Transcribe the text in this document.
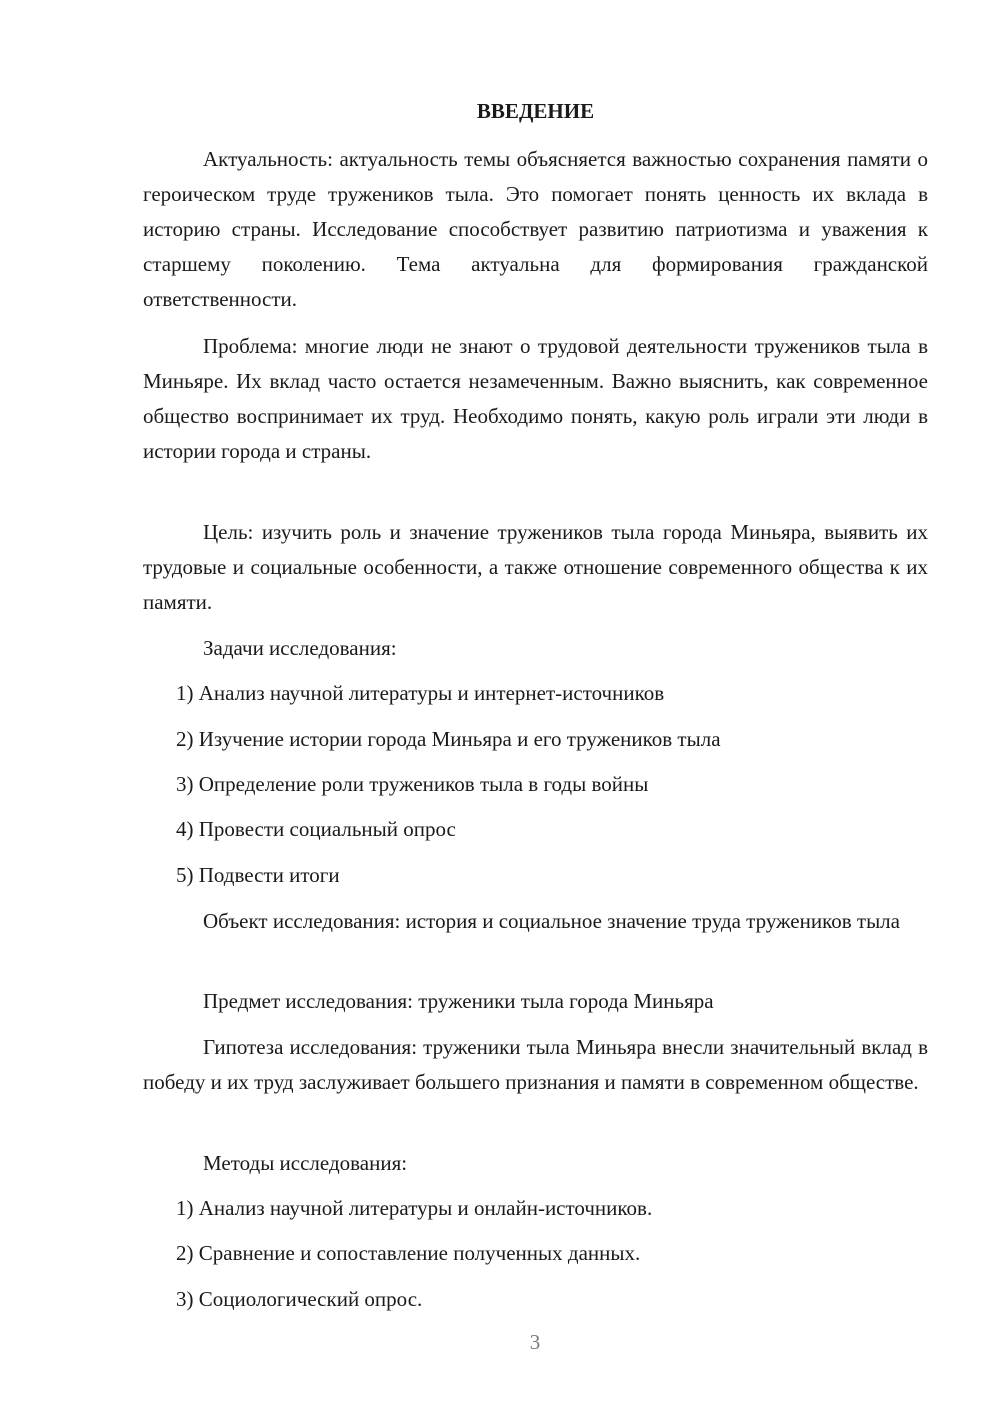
ВВЕДЕНИЕ

Актуальность: актуальность темы объясняется важностью сохранения памяти о героическом труде тружеников тыла. Это помогает понять ценность их вклада в историю страны. Исследование способствует развитию патриотизма и уважения к старшему поколению. Тема актуальна для формирования гражданской ответственности.

Проблема: многие люди не знают о трудовой деятельности тружеников тыла в Миньяре. Их вклад часто остается незамеченным. Важно выяснить, как современное общество воспринимает их труд. Необходимо понять, какую роль играли эти люди в истории города и страны.

Цель: изучить роль и значение тружеников тыла города Миньяра, выявить их трудовые и социальные особенности, а также отношение современного общества к их памяти.

Задачи исследования:

1) Анализ научной литературы и интернет-источников

2) Изучение истории города Миньяра и его тружеников тыла

3) Определение роли тружеников тыла в годы войны

4) Провести социальный опрос

5) Подвести итоги

Объект исследования: история и социальное значение труда тружеников тыла

Предмет исследования: труженики тыла города Миньяра

Гипотеза исследования: труженики тыла Миньяра внесли значительный вклад в победу и их труд заслуживает большего признания и памяти в современном обществе.

Методы исследования:

1) Анализ научной литературы и онлайн-источников.

2) Сравнение и сопоставление полученных данных.

3) Социологический опрос.

3
